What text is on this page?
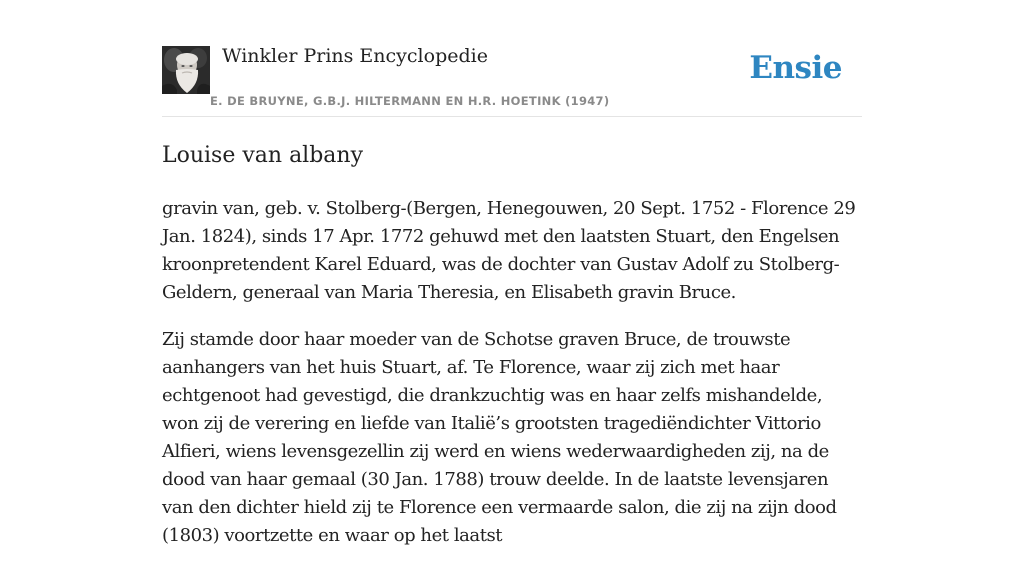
Winkler Prins Encyclopedie
E. DE BRUYNE, G.B.J. HILTERMANN EN H.R. HOETINK (1947)
Ensie
Louise van albany

gravin van, geb. v. Stolberg-(Bergen, Henegouwen, 20 Sept. 1752 - Florence 29 Jan. 1824), sinds 17 Apr. 1772 gehuwd met den laatsten Stuart, den Engelsen kroonpretendent Karel Eduard, was de dochter van Gustav Adolf zu Stolberg-Geldern, generaal van Maria Theresia, en Elisabeth gravin Bruce.

Zij stamde door haar moeder van de Schotse graven Bruce, de trouwste aanhangers van het huis Stuart, af. Te Florence, waar zij zich met haar echtgenoot had gevestigd, die drankzuchtig was en haar zelfs mishandelde, won zij de verering en liefde van Italië’s grootsten tragediëndichter Vittorio Alfieri, wiens levensgezellin zij werd en wiens wederwaardigheden zij, na de dood van haar gemaal (30 Jan. 1788) trouw deelde. In de laatste levensjaren van den dichter hield zij te Florence een vermaarde salon, die zij na zijn dood (1803) voortzette en waar op het laatst
